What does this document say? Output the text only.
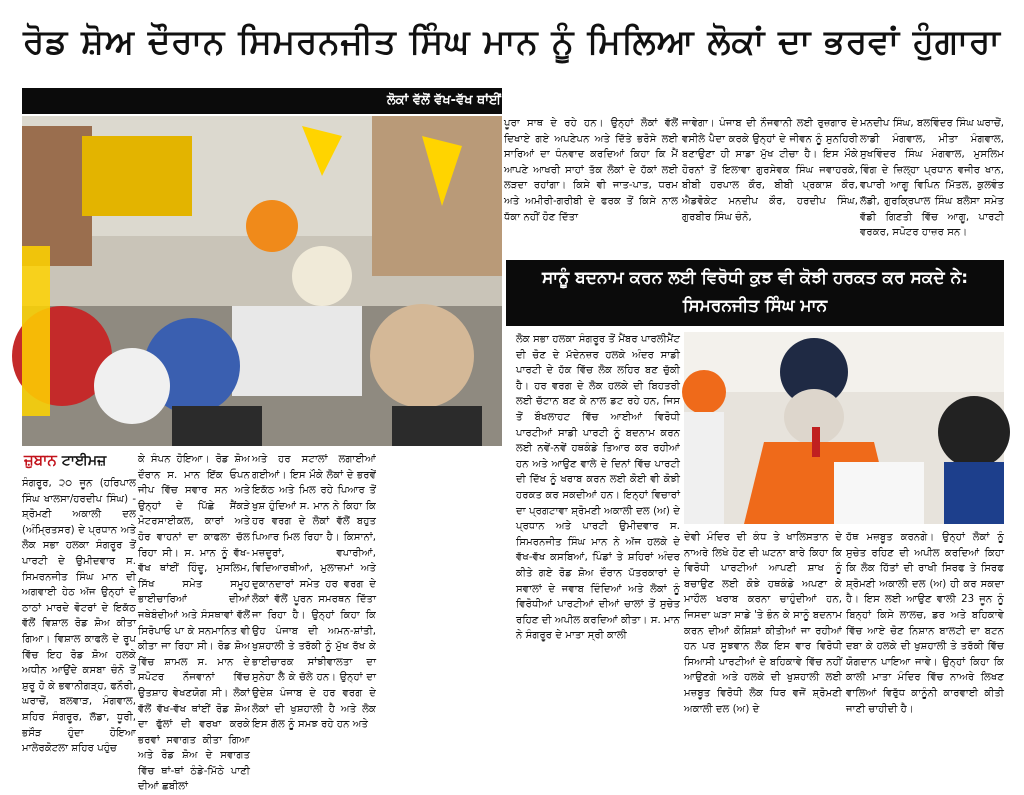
ਰੋਡ ਸ਼ੋਅ ਦੌਰਾਨ ਸਿਮਰਨਜੀਤ ਸਿੰਘ ਮਾਨ ਨੂੰ ਮਿਲਿਆ ਲੋਕਾਂ ਦਾ ਭਰਵਾਂ ਹੁੰਗਾਰਾ
ਲੋਕਾਂ ਵੱਲੋਂ ਵੱਖ-ਵੱਖ ਥਾਂਈਂ ਕੀਤਾ ਗਿਆ ਭਰਵਾਂ ਸਵਾਗਤ
ਜ਼ੁਬਾਨ ਟਾਈਮਜ਼
ਸੰਗਰੂਰ, ੨੦ ਜੂਨ (ਹਰਿਪਾਲ ਸਿੰਘ ਖਾਲਸਾ/ਹਰਦੀਪ ਸਿੰਘ) - ਸ਼੍ਰੋਮਣੀ ਅਕਾਲੀ ਦਲ (ਅੰਮ੍ਰਿਤਸਰ) ਦੇ ਪ੍ਰਧਾਨ ਅਤੇ ਲੋਕ ਸਭਾ ਹਲਕਾ ਸੰਗਰੂਰ ਤੋਂ ਪਾਰਟੀ ਦੇ ਉਮੀਦਵਾਰ ਸ. ਸਿਮਰਨਜੀਤ ਸਿੰਘ ਮਾਨ ਦੀ ਅਗਵਾਈ ਹੇਠ ਅੱਜ ਉਨ੍ਹਾਂ ਦੇ ਠਾਠਾਂ ਮਾਰਦੇ ਵੋਟਰਾਂ ਦੇ ਇਕੱਠ ਵੱਲੋਂ ਵਿਸ਼ਾਲ ਰੋਡ ਸ਼ੋਅ ਕੀਤਾ ਗਿਆ। ਵਿਸ਼ਾਲ ਕਾਫਲੇ ਦੇ ਰੂਪ ਵਿੱਚ ਇਹ ਰੋਡ ਸ਼ੋਅ ਹਲਕੇ ਅਧੀਨ ਆਉਂਦੇ ਕਸਬਾ ਚੰਨੋ ਤੋਂ ਸ਼ੁਰੂ ਹੋ ਕੇ ਭਵਾਨੀਗੜ੍ਹ, ਫਨੌਰੀ, ਘਰਾਚੋਂ, ਬਲਵਾੜ, ਮੰਗਵਾਲ, ਸ਼ਹਿਰ ਸੰਗਰੂਰ, ਲੱਡਾ, ਧੂਰੀ, ਭਸੌੜ ਹੁੰਦਾ ਹੋਇਆ ਮਾਲੇਰਕੋਟਲਾ ਸ਼ਹਿਰ ਪਹੁੰਚ
ਕੇ ਸੰਪਨ ਹੋਇਆ। ਰੋਡ ਸ਼ੋਅ ਦੌਰਾਨ ਸ. ਮਾਨ ਇੱਕ ਓਪਨ ਜੀਪ ਵਿੱਚ ਸਵਾਰ ਸਨ ਅਤੇ ਉਨ੍ਹਾਂ ਦੇ ਪਿੱਛੇ ਸੈਂਕੜੇ ਮੋਟਰਸਾਈਕਲ, ਕਾਰਾਂ ਅਤੇ ਹੋਰ ਵਾਹਨਾਂ ਦਾ ਕਾਫਲਾ ਚੱਲ ਰਿਹਾ ਸੀ। ਸ. ਮਾਨ ਨੂੰ ਵੱਖ-ਵੱਖ ਥਾਂਈਂ ਹਿੰਦੂ, ਮੁਸਲਿਮ, ਸਿੱਖ ਸਮੇਤ ਸਮੂਹ ਭਾਈਚਾਰਿਆਂ ਦੀਆਂ ਜਥੇਬੰਦੀਆਂ ਅਤੇ ਸੰਸਥਾਵਾਂ ਵੱਲੋਂ ਸਿਰੋਪਾਓ ਪਾ ਕੇ ਸਨਮਾਨਿਤ ਵੀ ਕੀਤਾ ਜਾ ਰਿਹਾ ਸੀ। ਰੋਡ ਸ਼ੋਅ ਵਿੱਚ ਸ਼ਾਮਲ ਸ. ਮਾਨ ਦੇ ਸਪੋਟਰ ਨੌਜਵਾਨਾਂ ਵਿੱਚ ਉਤਸ਼ਾਹ ਵੇਖਣਯੋਗ ਸੀ। ਲੋਕਾਂ ਵੱਲੋਂ ਵੱਖ-ਵੱਖ ਥਾਂਈਂ ਰੋਡ ਸ਼ੋਅ ਦਾ ਫੁੱਲਾਂ ਦੀ ਵਰਖਾ ਕਰਕੇ ਭਰਵਾਂ ਸਵਾਗਤ ਕੀਤਾ ਗਿਆ ਅਤੇ ਰੋਡ ਸ਼ੋਅ ਦੇ ਸਵਾਗਤ ਵਿੱਚ ਥਾਂ-ਥਾਂ ਠੰਡੇ-ਮਿੱਠੇ ਪਾਣੀ ਦੀਆਂ ਛਬੀਲਾਂ
ਅਤੇ ਹਰ ਸਟਾਲਾਂ ਲਗਾਈਆਂ ਗਈਆਂ। ਇਸ ਮੌਕੇ ਲੋਕਾਂ ਦੇ ਭਰਵੇਂ ਇਕੱਠ ਅਤੇ ਮਿਲ ਰਹੇ ਪਿਆਰ ਤੋਂ ਖੁਸ਼ ਹੁੰਦਿਆਂ ਸ. ਮਾਨ ਨੇ ਕਿਹਾ ਕਿ ਹਰ ਵਰਗ ਦੇ ਲੋਕਾਂ ਵੱਲੋਂ ਬਹੁਤ ਪਿਆਰ ਮਿਲ ਰਿਹਾ ਹੈ। ਕਿਸਾਨਾਂ, ਮਜ਼ਦੂਰਾਂ, ਵਪਾਰੀਆਂ, ਵਿਦਿਆਰਥੀਆਂ, ਮੁਲਾਜ਼ਮਾਂ ਅਤੇ ਦੁਕਾਨਦਾਰਾਂ ਸਮੇਤ ਹਰ ਵਰਗ ਦੇ ਲੋਕਾਂ ਵੱਲੋਂ ਪੂਰਨ ਸਮਰਥਨ ਦਿੱਤਾ ਜਾ ਰਿਹਾ ਹੈ। ਉਨ੍ਹਾਂ ਕਿਹਾ ਕਿ ਉਹ ਪੰਜਾਬ ਦੀ ਅਮਨ-ਸ਼ਾਂਤੀ, ਖੁਸ਼ਹਾਲੀ ਤੇ ਤਰੱਕੀ ਨੂੰ ਮੁੱਖ ਰੱਖ ਕੇ ਭਾਈਚਾਰਕ ਸਾਂਝੀਵਾਲਤਾ ਦਾ ਸੁਨੇਹਾ ਲੈ ਕੇ ਚੱਲੇ ਹਨ। ਉਨ੍ਹਾਂ ਦਾ ਉਦੇਸ਼ ਪੰਜਾਬ ਦੇ ਹਰ ਵਰਗ ਦੇ ਲੋਕਾਂ ਦੀ ਖੁਸ਼ਹਾਲੀ ਹੈ ਅਤੇ ਲੋਕ ਇਸ ਗੱਲ ਨੂੰ ਸਮਝ ਰਹੇ ਹਨ ਅਤੇ
ਪੂਰਾ ਸਾਥ ਦੇ ਰਹੇ ਹਨ। ਉਨ੍ਹਾਂ ਲੋਕਾਂ ਵੱਲੋਂ ਦਿਖਾਏ ਗਏ ਅਪਣੇਪਨ ਅਤੇ ਦਿੱਤੇ ਭਰੋਸੇ ਲਈ ਸਾਰਿਆਂ ਦਾ ਧੰਨਵਾਦ ਕਰਦਿਆਂ ਕਿਹਾ ਕਿ ਮੈਂ ਆਪਣੇ ਆਖਰੀ ਸਾਹਾਂ ਤੱਕ ਲੋਕਾਂ ਦੇ ਹੱਕਾਂ ਲਈ ਲੜਦਾ ਰਹਾਂਗਾ। ਕਿਸੇ ਵੀ ਜਾਤ-ਪਾਤ, ਧਰਮ ਅਤੇ ਅਮੀਰੀ-ਗਰੀਬੀ ਦੇ ਫਰਕ ਤੋਂ ਕਿਸੇ ਨਾਲ ਧੱਕਾ ਨਹੀਂ ਹੋਣ ਦਿੱਤਾ
ਜਾਵੇਗਾ। ਪੰਜਾਬ ਦੀ ਨੌਜਵਾਨੀ ਲਈ ਰੁਜ਼ਗਾਰ ਦੇ ਵਸੀਲੇ ਪੈਦਾ ਕਰਕੇ ਉਨ੍ਹਾਂ ਦੇ ਜੀਵਨ ਨੂੰ ਸੁਨਹਿਰੀ ਬਣਾਉਣਾ ਹੀ ਸਾਡਾ ਮੁੱਖ ਟੀਚਾ ਹੈ। ਇਸ ਮੌਕੇ ਹੋਰਨਾਂ ਤੋਂ ਇਲਾਵਾ ਗੁਰਸੇਵਕ ਸਿੰਘ ਜਵਾਹਰਕੇ, ਬੀਬੀ ਹਰਪਾਲ ਕੌਰ, ਬੀਬੀ ਪ੍ਰਕਾਸ਼ ਕੌਰ, ਐਡਵੋਕੇਟ ਮਨਦੀਪ ਕੌਰ, ਹਰਦੀਪ ਸਿੰਘ, ਗੁਰਬੀਰ ਸਿੰਘ ਚੰਨੋ,
ਮਨਦੀਪ ਸਿੰਘ, ਬਲਵਿੰਦਰ ਸਿੰਘ ਘਰਾਚੋਂ, ਲਾਡੀ ਮੰਗਵਾਲ, ਮੀਤਾ ਮੰਗਵਾਲ, ਸੁਖਵਿੰਦਰ ਸਿੰਘ ਮੰਗਵਾਲ, ਮੁਸਲਿਮ ਵਿੰਗ ਦੇ ਜ਼ਿਲ੍ਹਾ ਪ੍ਰਧਾਨ ਵਜੀਰ ਖਾਨ, ਵਪਾਰੀ ਆਗੂ ਵਿਪਿਨ ਮਿੱਤਲ, ਕੁਲਵੰਤ ਲੱਡੀ, ਗੁਰਕ੍ਰਿਪਾਲ ਸਿੰਘ ਬਲੋਸਾ ਸਮੇਤ ਵੱਡੀ ਗਿਣਤੀ ਵਿੱਚ ਆਗੂ, ਪਾਰਟੀ ਵਰਕਰ, ਸਪੋਟਰ ਹਾਜ਼ਰ ਸਨ।
ਸਾਨੂੰ ਬਦਨਾਮ ਕਰਨ ਲਈ ਵਿਰੋਧੀ ਕੁਝ ਵੀ ਕੋਝੀ ਹਰਕਤ ਕਰ ਸਕਦੇ ਨੇ: ਸਿਮਰਨਜੀਤ ਸਿੰਘ ਮਾਨ
ਲੋਕ ਸਭਾ ਹਲਕਾ ਸੰਗਰੂਰ ਤੋਂ ਮੈਂਬਰ ਪਾਰਲੀਮੈਂਟ ਦੀ ਚੋਣ ਦੇ ਮੱਦੇਨਜ਼ਰ ਹਲਕੇ ਅੰਦਰ ਸਾਡੀ ਪਾਰਟੀ ਦੇ ਹੱਕ ਵਿੱਚ ਲੋਕ ਲਹਿਰ ਬਣ ਚੁੱਕੀ ਹੈ। ਹਰ ਵਰਗ ਦੇ ਲੋਕ ਹਲਕੇ ਦੀ ਬਿਹਤਰੀ ਲਈ ਚੱਟਾਨ ਬਣ ਕੇ ਨਾਲ ਡਟ ਰਹੇ ਹਨ, ਜਿਸ ਤੋਂ ਬੌਖਲਾਹਟ ਵਿੱਚ ਆਈਆਂ ਵਿਰੋਧੀ ਪਾਰਟੀਆਂ ਸਾਡੀ ਪਾਰਟੀ ਨੂੰ ਬਦਨਾਮ ਕਰਨ ਲਈ ਨਵੇਂ-ਨਵੇਂ ਹਥਕੰਡੇ ਤਿਆਰ ਕਰ ਰਹੀਆਂ ਹਨ ਅਤੇ ਆਉਣ ਵਾਲੇ ਦੇ ਦਿਨਾਂ ਵਿੱਚ ਪਾਰਟੀ ਦੀ ਦਿੱਖ ਨੂੰ ਖਰਾਬ ਕਰਨ ਲਈ ਕੋਈ ਵੀ ਕੋਝੀ ਹਰਕਤ ਕਰ ਸਕਦੀਆਂ ਹਨ। ਇਨ੍ਹਾਂ ਵਿਚਾਰਾਂ ਦਾ ਪ੍ਰਗਟਾਵਾ ਸ਼੍ਰੋਮਣੀ ਅਕਾਲੀ ਦਲ (ਅ) ਦੇ ਪ੍ਰਧਾਨ ਅਤੇ ਪਾਰਟੀ ਉਮੀਦਵਾਰ ਸ. ਸਿਮਰਨਜੀਤ ਸਿੰਘ ਮਾਨ ਨੇ ਅੱਜ ਹਲਕੇ ਦੇ ਵੱਖ-ਵੱਖ ਕਸਬਿਆਂ, ਪਿੰਡਾਂ ਤੇ ਸ਼ਹਿਰਾਂ ਅੰਦਰ ਕੀਤੇ ਗਏ ਰੋਡ ਸ਼ੋਅ ਦੌਰਾਨ ਪੱਤਰਕਾਰਾਂ ਦੇ ਸਵਾਲਾਂ ਦੇ ਜਵਾਬ ਦਿੰਦਿਆਂ ਅਤੇ ਲੋਕਾਂ ਨੂੰ ਵਿਰੋਧੀਆਂ ਪਾਰਟੀਆਂ ਦੀਆਂ ਚਾਲਾਂ ਤੋਂ ਸੁਚੇਤ ਰਹਿਣ ਦੀ ਅਪੀਲ ਕਰਦਿਆਂ ਕੀਤਾ। ਸ. ਮਾਨ ਨੇ ਸੰਗਰੂਰ ਦੇ ਮਾਤਾ ਸ੍ਰੀ ਕਾਲੀ
ਦੇਵੀ ਮੰਦਿਰ ਦੀ ਕੰਧ ਤੇ ਖਾਲਿਸਤਾਨ ਦੇ ਨਾਅਰੇ ਲਿਖੇ ਹੋਣ ਦੀ ਘਟਨਾ ਬਾਰੇ ਕਿਹਾ ਕਿ ਵਿਰੋਧੀ ਪਾਰਟੀਆਂ ਆਪਣੀ ਸ਼ਾਖ ਨੂੰ ਬਚਾਉਣ ਲਈ ਕੋਝੇ ਹਥਕੰਡੇ ਅਪਣਾ ਕੇ ਮਾਹੌਲ ਖਰਾਬ ਕਰਨਾ ਚਾਹੁੰਦੀਆਂ ਹਨ, ਜਿਸਦਾ ਘੜਾ ਸਾਡੇ 'ਤੇ ਭੰਨ ਕੇ ਸਾਨੂੰ ਬਦਨਾਮ ਕਰਨ ਦੀਆਂ ਕੋਸ਼ਿਸ਼ਾਂ ਕੀਤੀਆਂ ਜਾ ਰਹੀਆਂ ਹਨ ਪਰ ਸੂਝਵਾਨ ਲੋਕ ਇਸ ਵਾਰ ਵਿਰੋਧੀ ਸਿਆਸੀ ਪਾਰਟੀਆਂ ਦੇ ਬਹਿਕਾਵੇ ਵਿੱਚ ਨਹੀਂ ਆਉਣਗੇ ਅਤੇ ਹਲਕੇ ਦੀ ਖੁਸ਼ਹਾਲੀ ਲਈ ਮਜ਼ਬੂਤ ਵਿਰੋਧੀ ਲੋਕ ਧਿਰ ਵਜੋਂ ਸ਼੍ਰੋਮਣੀ ਅਕਾਲੀ ਦਲ (ਅ) ਦੇ
ਹੱਥ ਮਜ਼ਬੂਤ ਕਰਨਗੇ। ਉਨ੍ਹਾਂ ਲੋਕਾਂ ਨੂੰ ਸੁਚੇਤ ਰਹਿਣ ਦੀ ਅਪੀਲ ਕਰਦਿਆਂ ਕਿਹਾ ਕਿ ਲੋਕ ਹਿੱਤਾਂ ਦੀ ਰਾਖੀ ਸਿਰਫ ਤੇ ਸਿਰਫ ਸ਼੍ਰੋਮਣੀ ਅਕਾਲੀ ਦਲ (ਅ) ਹੀ ਕਰ ਸਕਦਾ ਹੈ। ਇਸ ਲਈ ਆਉਣ ਵਾਲੀ 23 ਜੂਨ ਨੂੰ ਬਿਨ੍ਹਾਂ ਕਿਸੇ ਲਾਲਚ, ਡਰ ਅਤੇ ਬਹਿਕਾਵੇ ਵਿੱਚ ਆਏ ਚੋਣ ਨਿਸ਼ਾਨ ਬਾਲਟੀ ਦਾ ਬਟਨ ਦਬਾ ਕੇ ਹਲਕੇ ਦੀ ਖੁਸ਼ਹਾਲੀ ਤੇ ਤਰੱਕੀ ਵਿੱਚ ਯੋਗਦਾਨ ਪਾਇਆ ਜਾਵੇ। ਉਨ੍ਹਾਂ ਕਿਹਾ ਕਿ ਕਾਲੀ ਮਾਤਾ ਮੰਦਿਰ ਵਿੱਚ ਨਾਅਰੇ ਲਿਖਣ ਵਾਲਿਆਂ ਵਿਰੁੱਧ ਕਾਨੂੰਨੀ ਕਾਰਵਾਈ ਕੀਤੀ ਜਾਣੀ ਚਾਹੀਦੀ ਹੈ।
